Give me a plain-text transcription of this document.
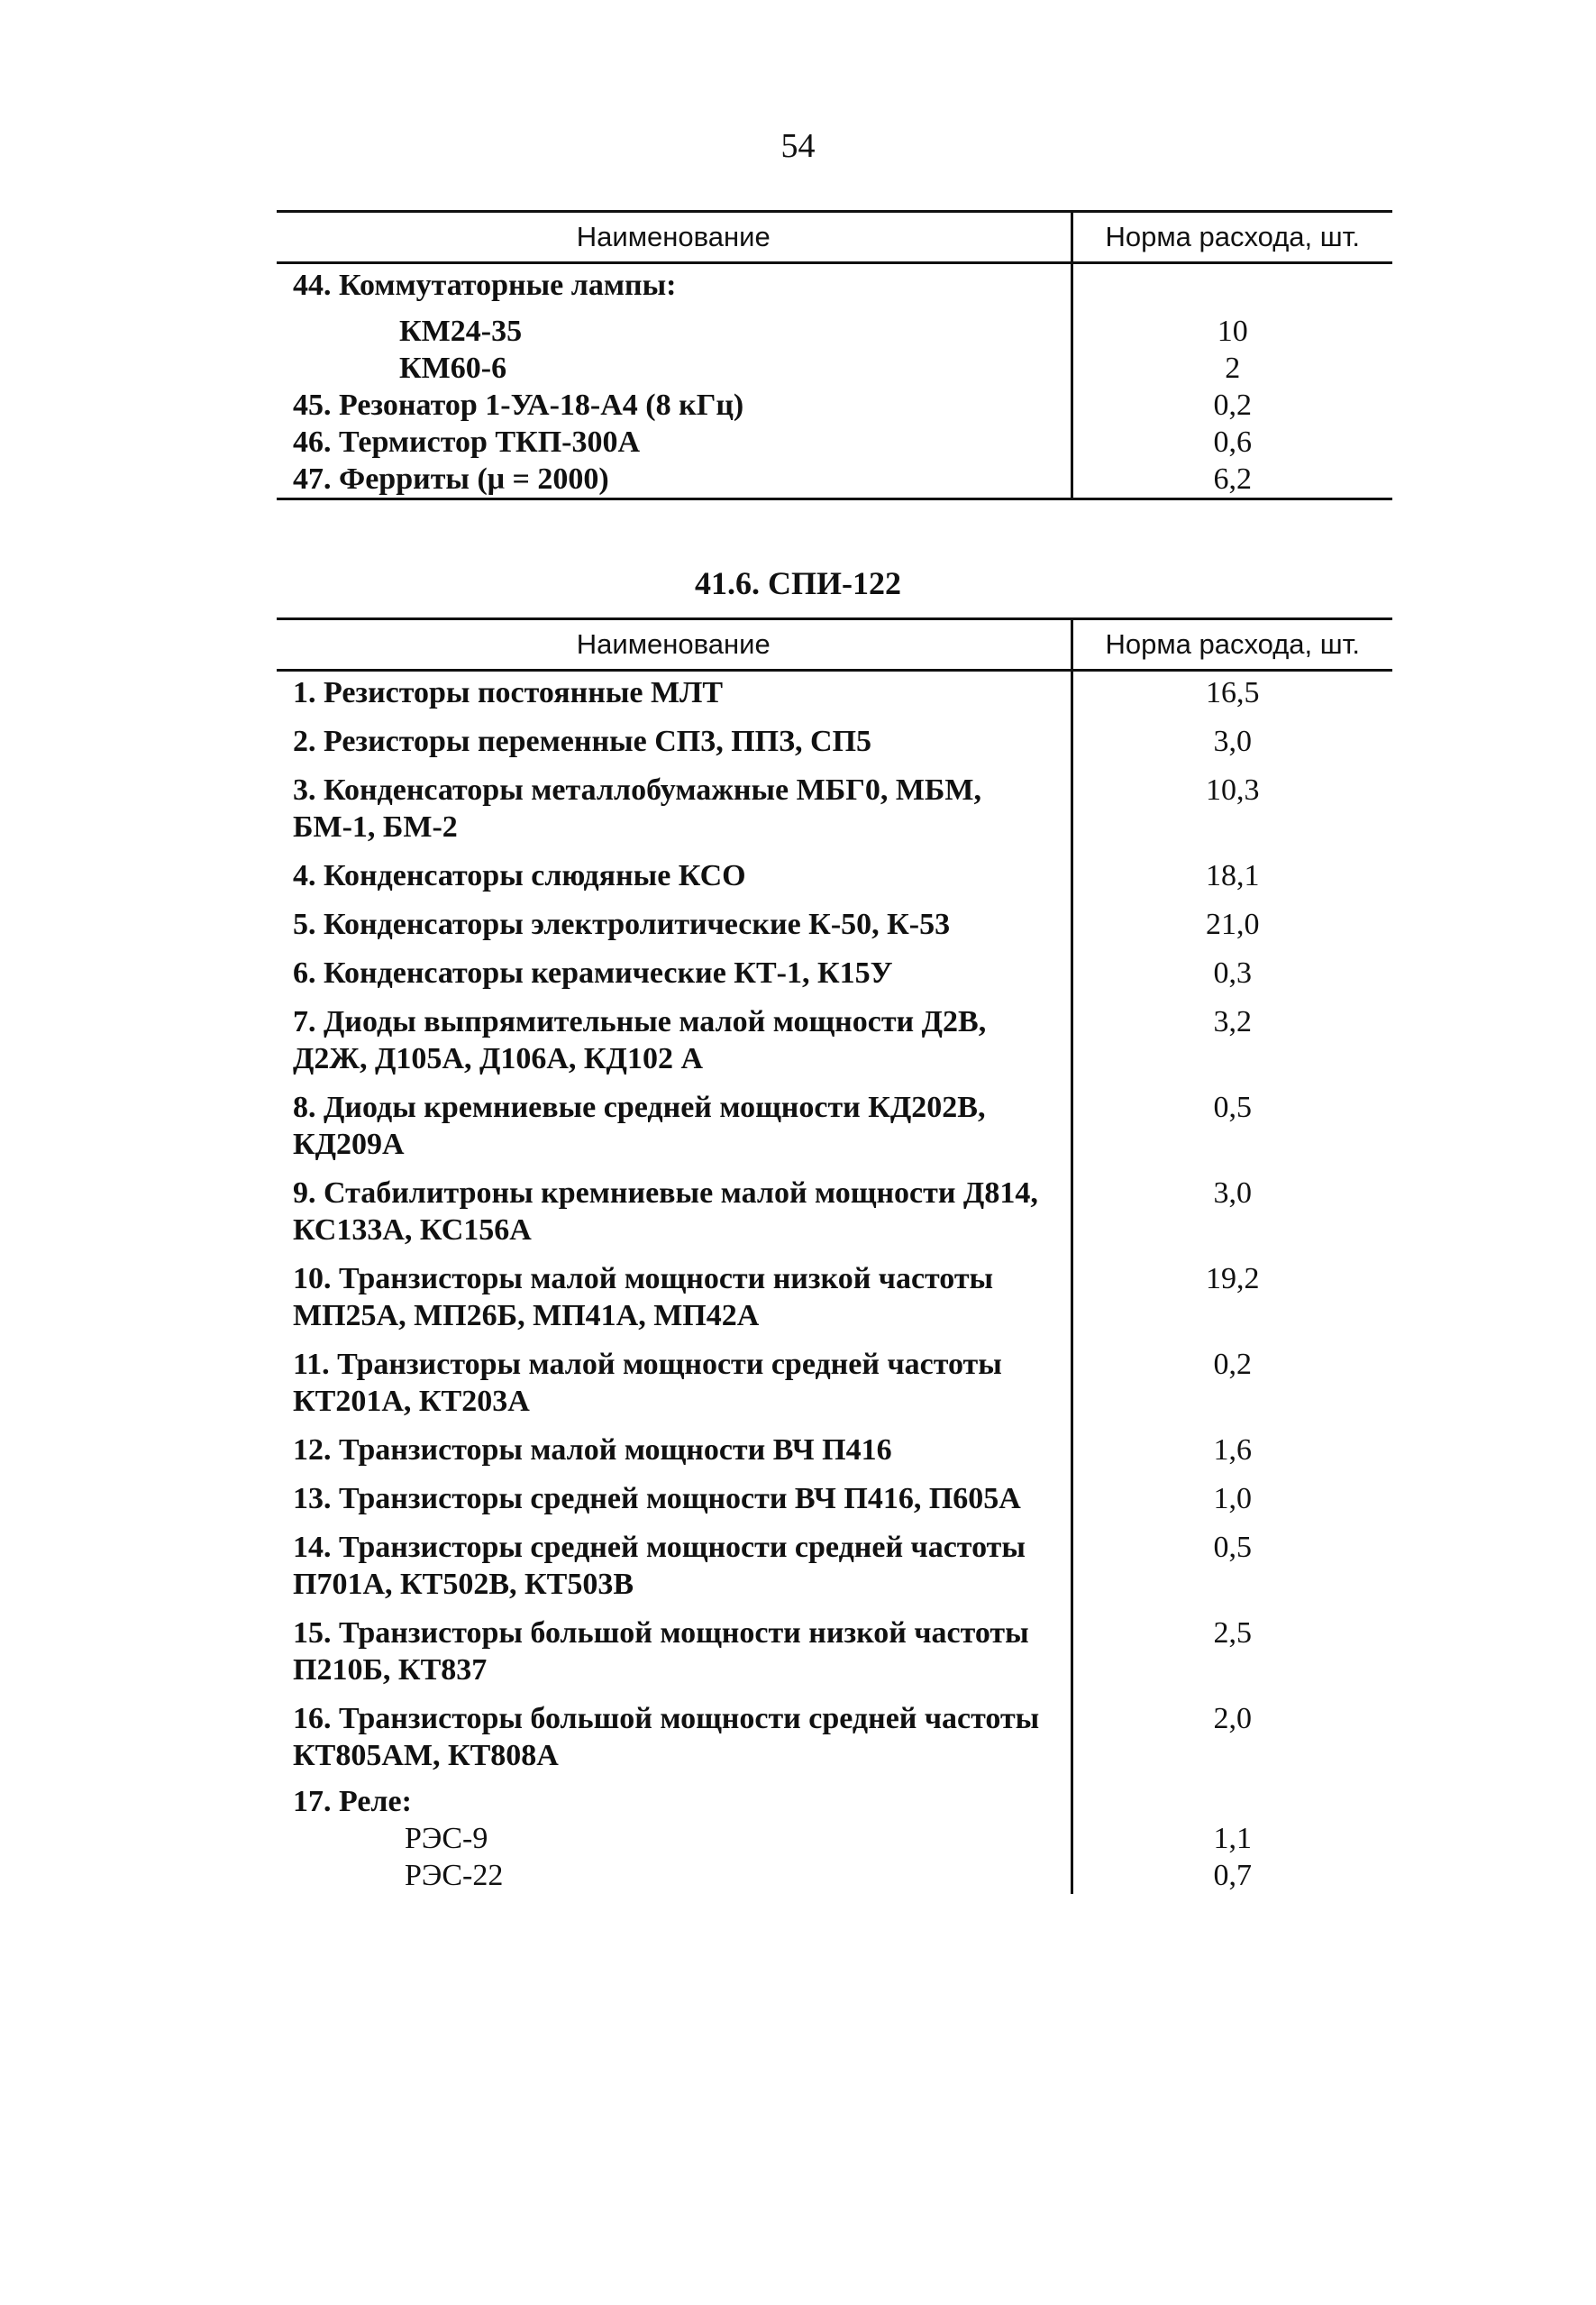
54
Наименование	Норма расхода, шт.
44. Коммутаторные лампы:	
КМ24-35	10
КМ60-6	2
45. Резонатор 1-УА-18-А4 (8 кГц)	0,2
46. Термистор ТКП-300А	0,6
47. Ферриты (μ = 2000)	6,2
41.6. СПИ-122
Наименование	Норма расхода, шт.
1. Резисторы постоянные МЛТ	16,5
2. Резисторы переменные СП3, ППЗ, СП5	3,0
3. Конденсаторы металлобумажные МБГ0, МБМ, БМ-1, БМ-2	10,3
4. Конденсаторы слюдяные КСО	18,1
5. Конденсаторы электролитические К-50, К-53	21,0
6. Конденсаторы керамические КТ-1, К15У	0,3
7. Диоды выпрямительные малой мощности Д2В, Д2Ж, Д105А, Д106А, КД102 А	3,2
8. Диоды кремниевые средней мощности КД202В, КД209А	0,5
9. Стабилитроны кремниевые малой мощности Д814, КС133А, КС156А	3,0
10. Транзисторы малой мощности низкой частоты МП25А, МП26Б, МП41А, МП42А	19,2
11. Транзисторы малой мощности средней частоты КТ201А, КТ203А	0,2
12. Транзисторы малой мощности ВЧ П416	1,6
13. Транзисторы средней мощности ВЧ П416, П605А	1,0
14. Транзисторы средней мощности средней частоты П701А, КТ502В, КТ503В	0,5
15. Транзисторы большой мощности низкой частоты П210Б, КТ837	2,5
16. Транзисторы большой мощности средней частоты КТ805АМ, КТ808А	2,0
17. Реле:	
РЭС-9	1,1
РЭС-22	0,7
